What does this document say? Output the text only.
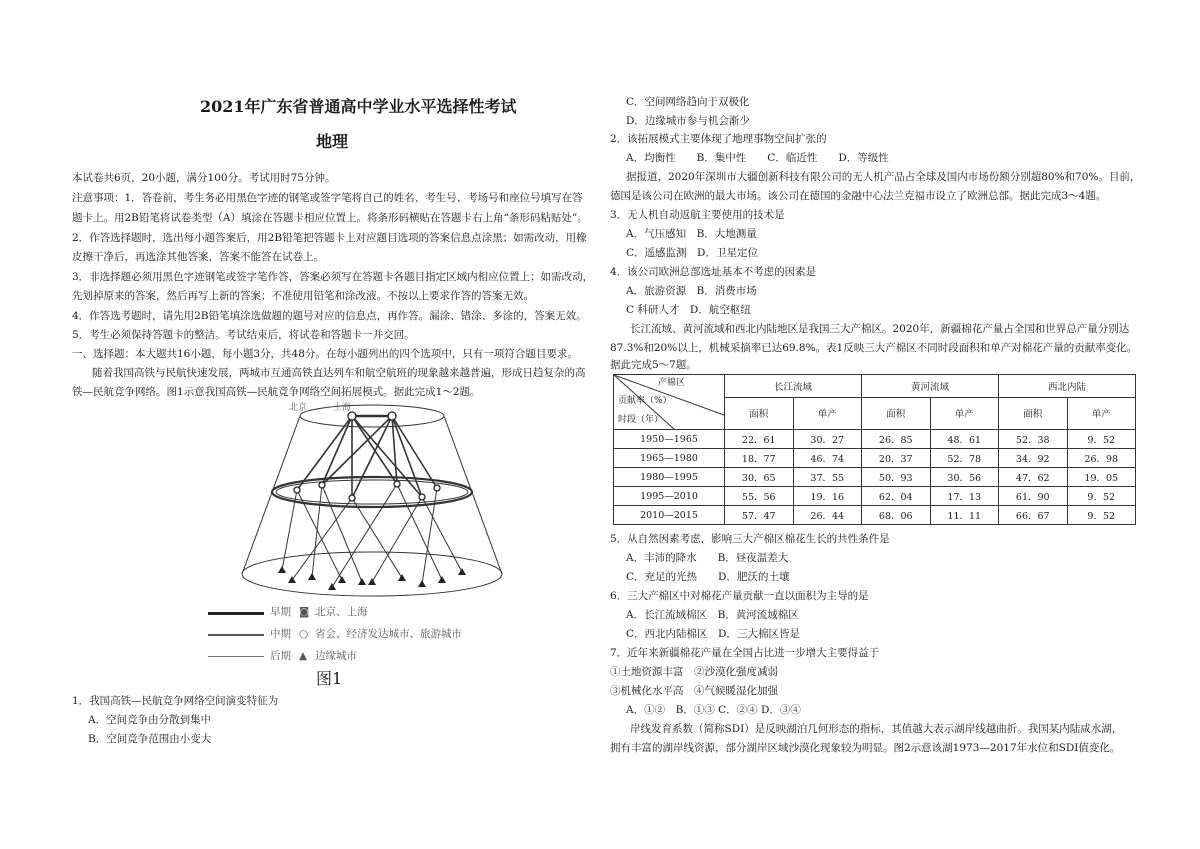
2021年广东省普通高中学业水平选择性考试
地理
本试卷共6页，20小题，满分100分。考试用时75分钟。
注意事项：1．答卷前，考生务必用黑色字迹的钢笔或签字笔将自己的姓名、考生号、考场号和座位号填写在答
题卡上。用2B铅笔将试卷类型（A）填涂在答题卡相应位置上。将条形码横贴在答题卡右上角“条形码粘贴处”。
2．作答选择题时，选出每小题答案后，用2B铅笔把答题卡上对应题目选项的答案信息点涂黑；如需改动，用橡
皮擦干净后，再选涂其他答案，答案不能答在试卷上。
3．非选择题必须用黑色字迹钢笔或签字笔作答，答案必须写在答题卡各题目指定区域内相应位置上；如需改动，
先划掉原来的答案，然后再写上新的答案；不准使用铅笔和涂改液。不按以上要求作答的答案无效。
4．作答选考题时，请先用2B铅笔填涂选做题的题号对应的信息点，再作答。漏涂、错涂、多涂的，答案无效。
5．考生必须保持答题卡的整洁。考试结束后，将试卷和答题卡一并交回。
一、选择题：本大题共16小题，每小题3分，共48分。在每小题列出的四个选项中，只有一项符合题目要求。
随着我国高铁与民航快速发展，两城市互通高铁直达列车和航空航班的现象越来越普遍，形成日趋复杂的高
铁—民航竞争网络。图1示意我国高铁—民航竞争网络空间拓展模式。据此完成1～2题。
北京	上海
早期 ◙ 北京、上海
中期 ○ 省会、经济发达城市、旅游城市
后期 ▲ 边缘城市
图1
1．我国高铁—民航竞争网络空间演变特征为
A．空间竞争由分散到集中
B．空间竞争范围由小变大
C．空间网络趋向于双极化
D．边缘城市参与机会渐少
2．该拓展模式主要体现了地理事物空间扩张的
A．均衡性　　B．集中性　　C．临近性　　D．等级性
据报道，2020年深圳市大疆创新科技有限公司的无人机产品占全球及国内市场份额分别超80%和70%。目前，
德国是该公司在欧洲的最大市场。该公司在德国的金融中心法兰克福市设立了欧洲总部。据此完成3～4题。
3．无人机自动返航主要使用的技术是
A．气压感知　B．大地测量
C．遥感监测　D．卫星定位
4．该公司欧洲总部选址基本不考虑的因素是
A．旅游资源　B．消费市场
C 科研人才　D．航空枢纽
长江流域、黄河流域和西北内陆地区是我国三大产棉区。2020年，新疆棉花产量占全国和世界总产量分别达
87.3%和20%以上，机械采摘率已达69.8%。表1反映三大产棉区不同时段面积和单产对棉花产量的贡献率变化。
据此完成5～7题。
产棉区
贡献率（%）
时段（年）	长江流域		黄河流域		西北内陆	
	面积	单产	面积	单产	面积	单产
1950—1965	22．61	30．27	26．85	48．61	52．38	9．52
1965—1980	18．77	46．74	20．37	52．78	34．92	26．98
1980—1995	30．65	37．55	50．93	30．56	47．62	19．05
1995—2010	55．56	19．16	62．04	17．13	61．90	9．52
2010—2015	57．47	26．44	68．06	11．11	66．67	9．52
5．从自然因素考虑，影响三大产棉区棉花生长的共性条件是
A．丰沛的降水　　B．昼夜温差大
C．充足的光热　　D．肥沃的土壤
6．三大产棉区中对棉花产量贡献一直以面积为主导的是
A．长江流域棉区　B．黄河流域棉区
C．西北内陆棉区　D．三大棉区皆是
7．近年来新疆棉花产量在全国占比进一步增大主要得益于
①土地资源丰富　②沙漠化强度减弱
③机械化水平高　④气候暖湿化加强
A．①②　B．①③ C．②④ D．③④
岸线发育系数（简称SDI）是反映湖泊几何形态的指标，其值越大表示湖岸线越曲折。我国某内陆咸水湖，
拥有丰富的湖岸线资源，部分湖岸区域沙漠化现象较为明显。图2示意该湖1973—2017年水位和SDI值变化。
